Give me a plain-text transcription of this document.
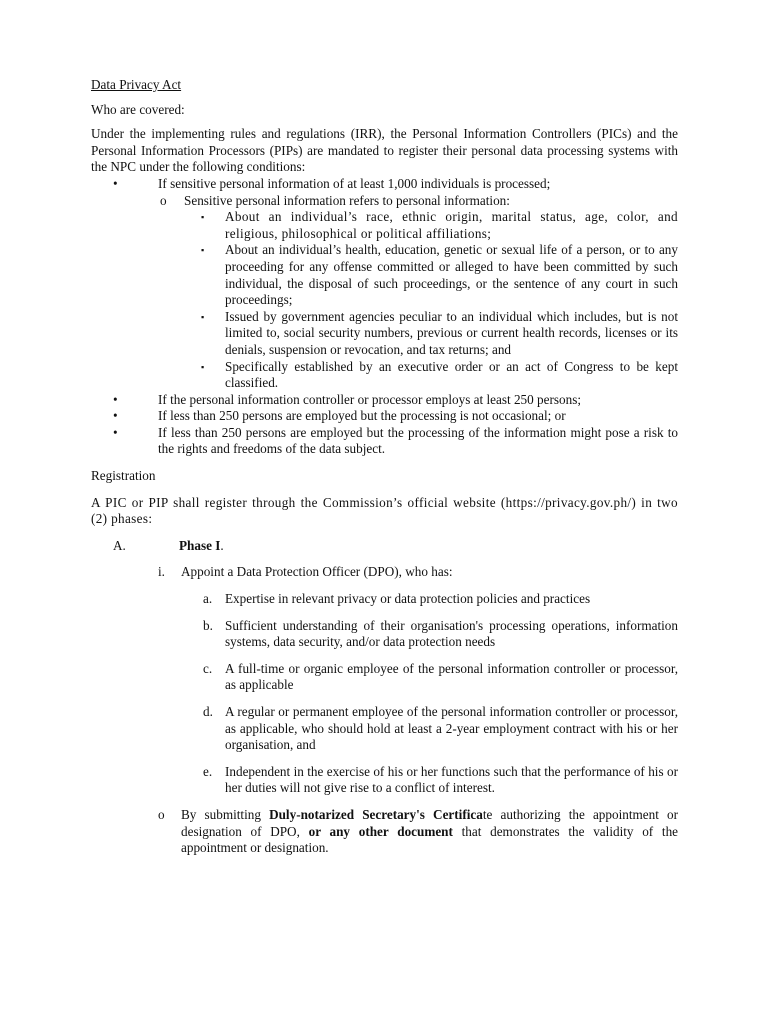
Data Privacy Act

Who are covered:

Under the implementing rules and regulations (IRR), the Personal Information Controllers (PICs) and the Personal Information Processors (PIPs) are mandated to register their personal data processing systems with the NPC under the following conditions:

•	If sensitive personal information of at least 1,000 individuals is processed;
o Sensitive personal information refers to personal information:
▪ About an individual’s race, ethnic origin, marital status, age, color, and religious, philosophical or political affiliations;
▪ About an individual’s health, education, genetic or sexual life of a person, or to any proceeding for any offense committed or alleged to have been committed by such individual, the disposal of such proceedings, or the sentence of any court in such proceedings;
▪ Issued by government agencies peculiar to an individual which includes, but is not limited to, social security numbers, previous or current health records, licenses or its denials, suspension or revocation, and tax returns; and
▪ Specifically established by an executive order or an act of Congress to be kept classified.
•	If the personal information controller or processor employs at least 250 persons;
•	If less than 250 persons are employed but the processing is not occasional; or
•	If less than 250 persons are employed but the processing of the information might pose a risk to the rights and freedoms of the data subject.

Registration

A PIC or PIP shall register through the Commission’s official website (https://privacy.gov.ph/) in two (2) phases:

A.	Phase I.
i. Appoint a Data Protection Officer (DPO), who has:
a. Expertise in relevant privacy or data protection policies and practices
b. Sufficient understanding of their organisation's processing operations, information systems, data security, and/or data protection needs
c. A full-time or organic employee of the personal information controller or processor, as applicable
d. A regular or permanent employee of the personal information controller or processor, as applicable, who should hold at least a 2-year employment contract with his or her organisation, and
e. Independent in the exercise of his or her functions such that the performance of his or her duties will not give rise to a conflict of interest.
o By submitting Duly-notarized Secretary's Certificate authorizing the appointment or designation of DPO, or any other document that demonstrates the validity of the appointment or designation.
